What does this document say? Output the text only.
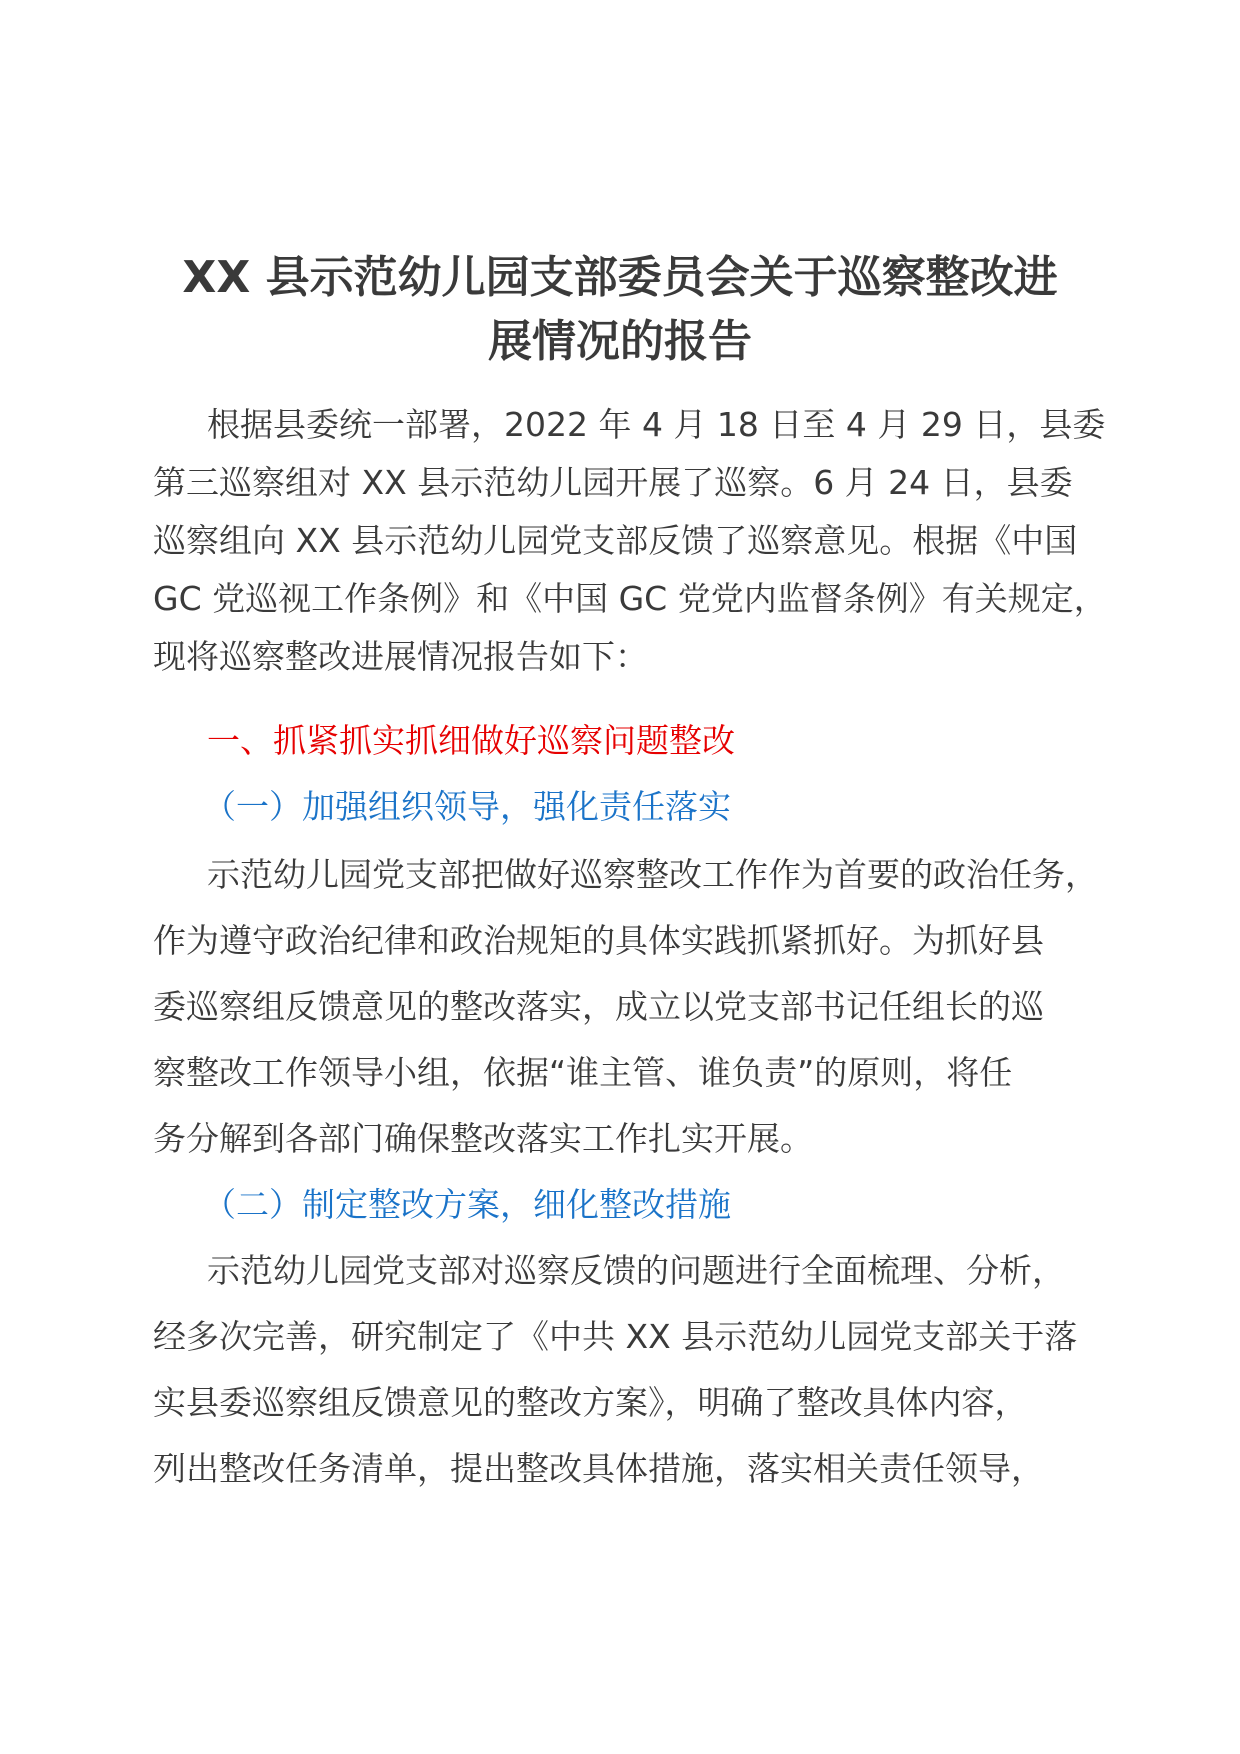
XX 县示范幼儿园支部委员会关于巡察整改进
展情况的报告

根据县委统一部署，2022 年 4 月 18 日至 4 月 29 日，县委

第三巡察组对 XX 县示范幼儿园开展了巡察。6 月 24 日，县委

巡察组向 XX 县示范幼儿园党支部反馈了巡察意见。根据《中国

GC 党巡视工作条例》和《中国 GC 党党内监督条例》有关规定，

现将巡察整改进展情况报告如下：

一、抓紧抓实抓细做好巡察问题整改

（一）加强组织领导，强化责任落实

示范幼儿园党支部把做好巡察整改工作作为首要的政治任务，

作为遵守政治纪律和政治规矩的具体实践抓紧抓好。为抓好县

委巡察组反馈意见的整改落实，成立以党支部书记任组长的巡

察整改工作领导小组，依据“谁主管、谁负责”的原则，将任

务分解到各部门确保整改落实工作扎实开展。

（二）制定整改方案，细化整改措施

示范幼儿园党支部对巡察反馈的问题进行全面梳理、分析，

经多次完善，研究制定了《中共 XX 县示范幼儿园党支部关于落

实县委巡察组反馈意见的整改方案》，明确了整改具体内容，

列出整改任务清单，提出整改具体措施，落实相关责任领导，
